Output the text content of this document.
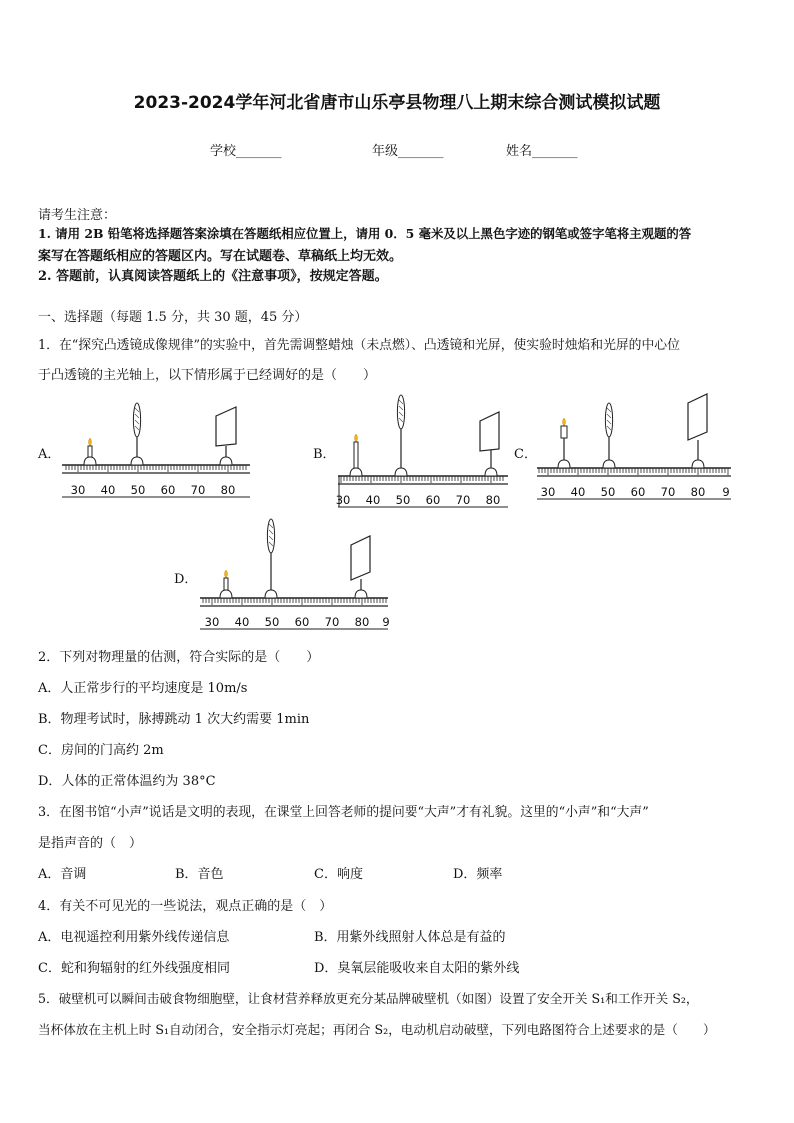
2023-2024学年河北省唐市山乐亭县物理八上期末综合测试模拟试题
学校_______	年级_______	姓名_______
请考生注意：
1. 请用 2B 铅笔将选择题答案涂填在答题纸相应位置上，请用 0．5 毫米及以上黑色字迹的钢笔或签字笔将主观题的答
案写在答题纸相应的答题区内。写在试题卷、草稿纸上均无效。
2. 答题前，认真阅读答题纸上的《注意事项》，按规定答题。
一、选择题（每题 1.5 分，共 30 题，45 分）
1．在“探究凸透镜成像规律”的实验中，首先需调整蜡烛（未点燃）、凸透镜和光屏，使实验时烛焰和光屏的中心位
于凸透镜的主光轴上，以下情形属于已经调好的是（　　）
A．
30 40 50 60 70 80
B．
30 40 50 60 70 80
C．
30 40 50 60 70 80 9
D．
30 40 50 60 70 80 9
2．下列对物理量的估测，符合实际的是（　　）
A．人正常步行的平均速度是 10m/s
B．物理考试时，脉搏跳动 1 次大约需要 1min
C．房间的门高约 2m
D．人体的正常体温约为 38°C
3．在图书馆“小声”说话是文明的表现，在课堂上回答老师的提问要“大声”才有礼貌。这里的“小声”和“大声”
是指声音的（　）
A．音调	B．音色	C．响度	D．频率
4．有关不可见光的一些说法，观点正确的是（　）
A．电视遥控利用紫外线传递信息	B．用紫外线照射人体总是有益的
C．蛇和狗辐射的红外线强度相同	D．臭氧层能吸收来自太阳的紫外线
5．破壁机可以瞬间击破食物细胞壁，让食材营养释放更充分某品牌破壁机（如图）设置了安全开关 S₁和工作开关 S₂，
当杯体放在主机上时 S₁自动闭合，安全指示灯亮起；再闭合 S₂，电动机启动破壁，下列电路图符合上述要求的是（　　）
